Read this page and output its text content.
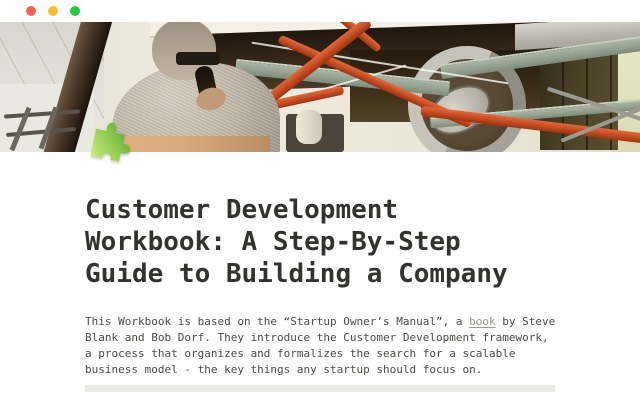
Customer Development
Workbook: A Step-By-Step
Guide to Building a Company

This Workbook is based on the “Startup Owner’s Manual”, a book by Steve Blank and Bob Dorf. They introduce the Customer Development framework, a process that organizes and formalizes the search for a scalable business model - the key things any startup should focus on.
